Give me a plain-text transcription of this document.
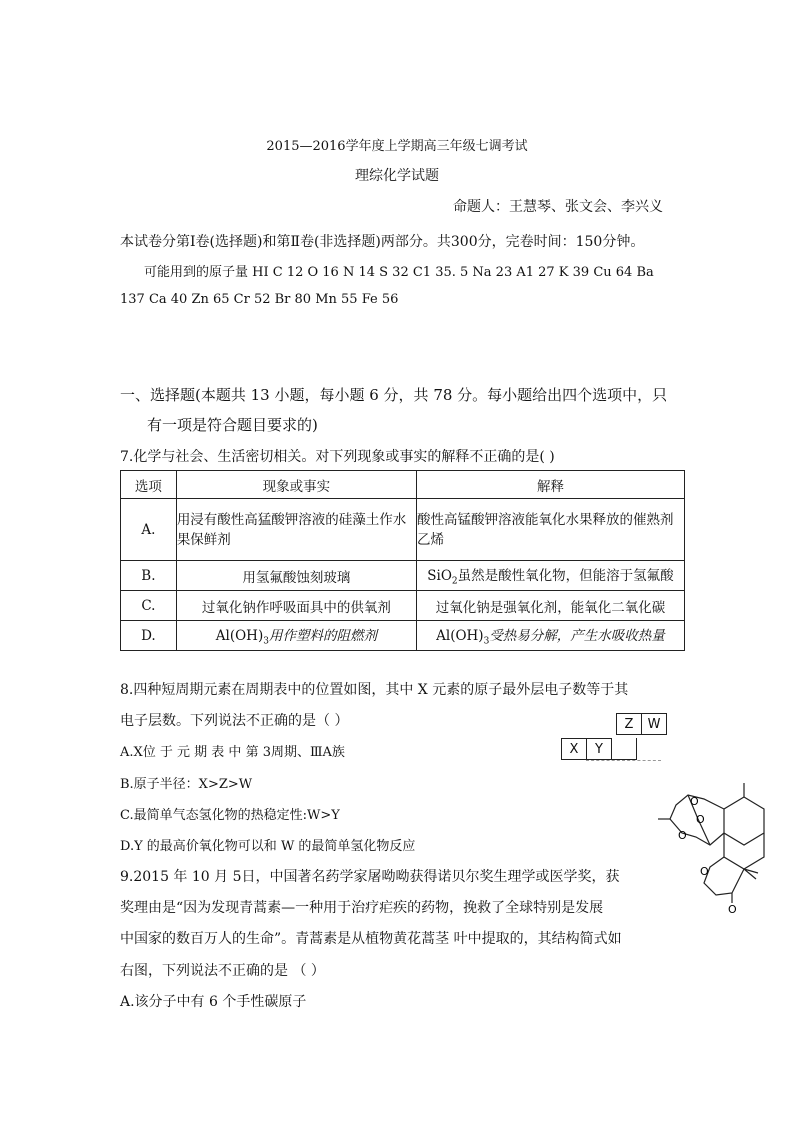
2015—2016学年度上学期高三年级七调考试
理综化学试题
命题人：王慧琴、张文会、李兴义
本试卷分第Ⅰ卷(选择题)和第Ⅱ卷(非选择题)两部分。共300分，完卷时间：150分钟。
可能用到的原子量 HI C 12 O 16 N 14 S 32 C1 35. 5 Na 23 A1 27 K 39 Cu 64 Ba
137 Ca 40 Zn 65 Cr 52 Br 80 Mn 55 Fe 56
一、选择题(本题共 13 小题，每小题 6 分，共 78 分。每小题给出四个选项中，只
有一项是符合题目要求的)
7.化学与社会、生活密切相关。对下列现象或事实的解释不正确的是( )
选项	现象或事实	解释
A.	用浸有酸性高猛酸钾溶液的硅藻土作水果保鲜剂	酸性高锰酸钾溶液能氧化水果释放的催熟剂乙烯
B.	用氢氟酸蚀刻玻璃	SiO$_2$虽然是酸性氧化物，但能溶于氢氟酸
C.	过氧化钠作呼吸面具中的供氧剂	过氧化钠是强氧化剂，能氧化二氧化碳
D.	$Al(OH)_3$用作塑料的阻燃剂	$Al(OH)_3$受热易分解，产生水吸收热量
8.四种短周期元素在周期表中的位置如图，其中 X 元素的原子最外层电子数等于其
电子层数。下列说法不正确的是（ ）
A.X位 于 元 期 表 中 第 3周期、ⅢA族
B.原子半径：X>Z>W
C.最简单气态氢化物的热稳定性:W>Y
D.Y 的最高价氧化物可以和 W 的最简单氢化物反应
Z	W
X	Y
O
O
O
O
O
9.2015 年 10 月 5日，中国著名药学家屠呦呦获得诺贝尔奖生理学或医学奖，获
奖理由是“因为发现青蒿素—一种用于治疗疟疾的药物，挽救了全球特别是发展
中国家的数百万人的生命”。青蒿素是从植物黄花蒿茎 叶中提取的，其结构简式如
右图，下列说法不正确的是 （ ）
A.该分子中有 6 个手性碳原子
